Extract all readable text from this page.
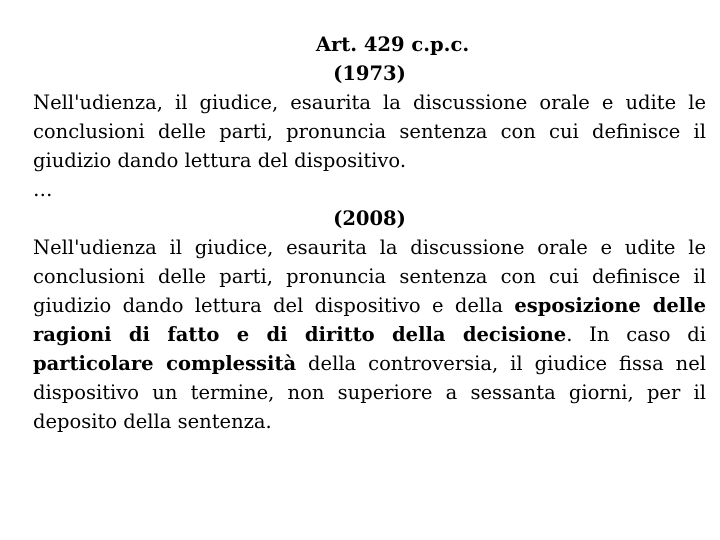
Art. 429 c.p.c.

(1973)

Nell'udienza, il giudice, esaurita la discussione orale e udite le conclusioni delle parti, pronuncia sentenza con cui definisce il giudizio dando lettura del dispositivo.

…

(2008)

Nell'udienza il giudice, esaurita la discussione orale e udite le conclusioni delle parti, pronuncia sentenza con cui definisce il giudizio dando lettura del dispositivo e della esposizione delle ragioni di fatto e di diritto della decisione. In caso di particolare complessità della controversia, il giudice fissa nel dispositivo un termine, non superiore a sessanta giorni, per il deposito della sentenza.
